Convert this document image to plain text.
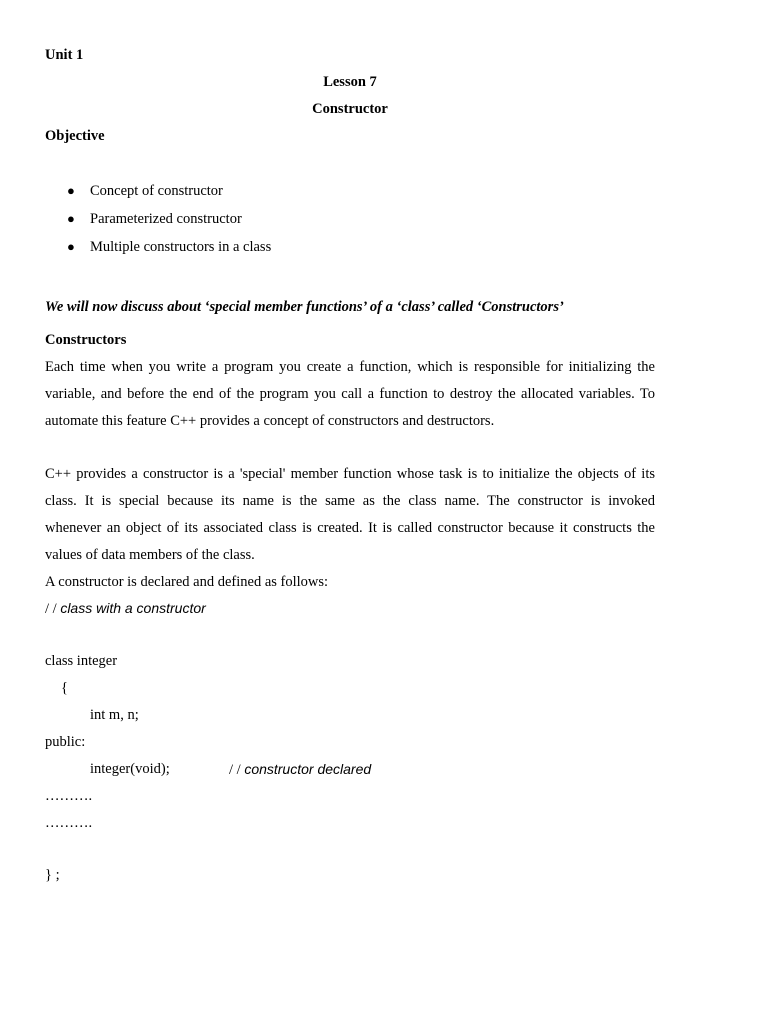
Unit 1
Lesson 7
Constructor
Objective
● Concept of constructor
● Parameterized constructor
● Multiple constructors in a class
We will now discuss about ‘special member functions’ of a ‘class’ called ‘Constructors’
Constructors
Each time when you write a program you create a function, which is responsible for initializing the
variable, and before the end of the program you call a function to destroy the allocated variables. To
automate this feature C++ provides a concept of constructors and destructors.
C++ provides a constructor is a 'special' member function whose task is to initialize the objects of its
class. It is special because its name is the same as the class name. The constructor is invoked
whenever an object of its associated class is created. It is called constructor because it constructs the
values of data members of the class.
A constructor is declared and defined as follows:
/ / class with a constructor
class integer
{
int m, n;
public:
integer(void);	/ / constructor declared
……….
……….
} ;
